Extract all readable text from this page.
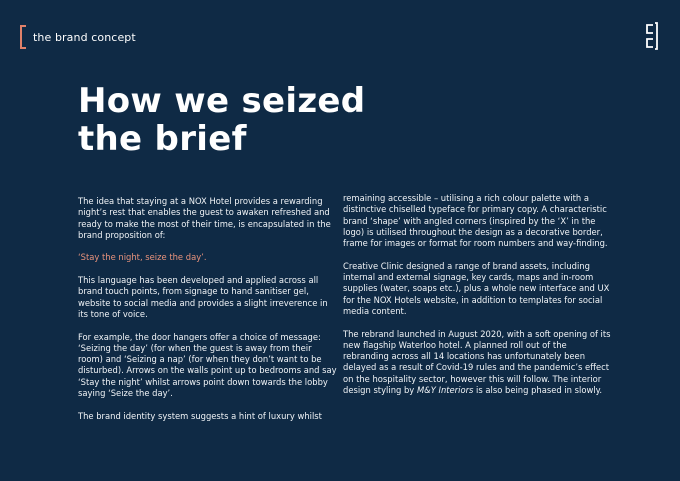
the brand concept
How we seized
the brief

The idea that staying at a NOX Hotel provides a rewarding night’s rest that enables the guest to awaken refreshed and ready to make the most of their time, is encapsulated in the brand proposition of:

‘Stay the night, seize the day’.

This language has been developed and applied across all brand touch points, from signage to hand sanitiser gel, website to social media and provides a slight irreverence in its tone of voice.

For example, the door hangers offer a choice of message: ‘Seizing the day’ (for when the guest is away from their room) and ‘Seizing a nap’ (for when they don’t want to be disturbed). Arrows on the walls point up to bedrooms and say ‘Stay the night’ whilst arrows point down towards the lobby saying ‘Seize the day’.

The brand identity system suggests a hint of luxury whilst

remaining accessible – utilising a rich colour palette with a distinctive chiselled typeface for primary copy. A characteristic brand ‘shape’ with angled corners (inspired by the ‘X’ in the logo) is utilised throughout the design as a decorative border, frame for images or format for room numbers and way-finding.

Creative Clinic designed a range of brand assets, including internal and external signage, key cards, maps and in-room supplies (water, soaps etc.), plus a whole new interface and UX for the NOX Hotels website, in addition to templates for social media content.

The rebrand launched in August 2020, with a soft opening of its new flagship Waterloo hotel. A planned roll out of the rebranding across all 14 locations has unfortunately been delayed as a result of Covid-19 rules and the pandemic’s effect on the hospitality sector, however this will follow. The interior design styling by M&Y Interiors is also being phased in slowly.
